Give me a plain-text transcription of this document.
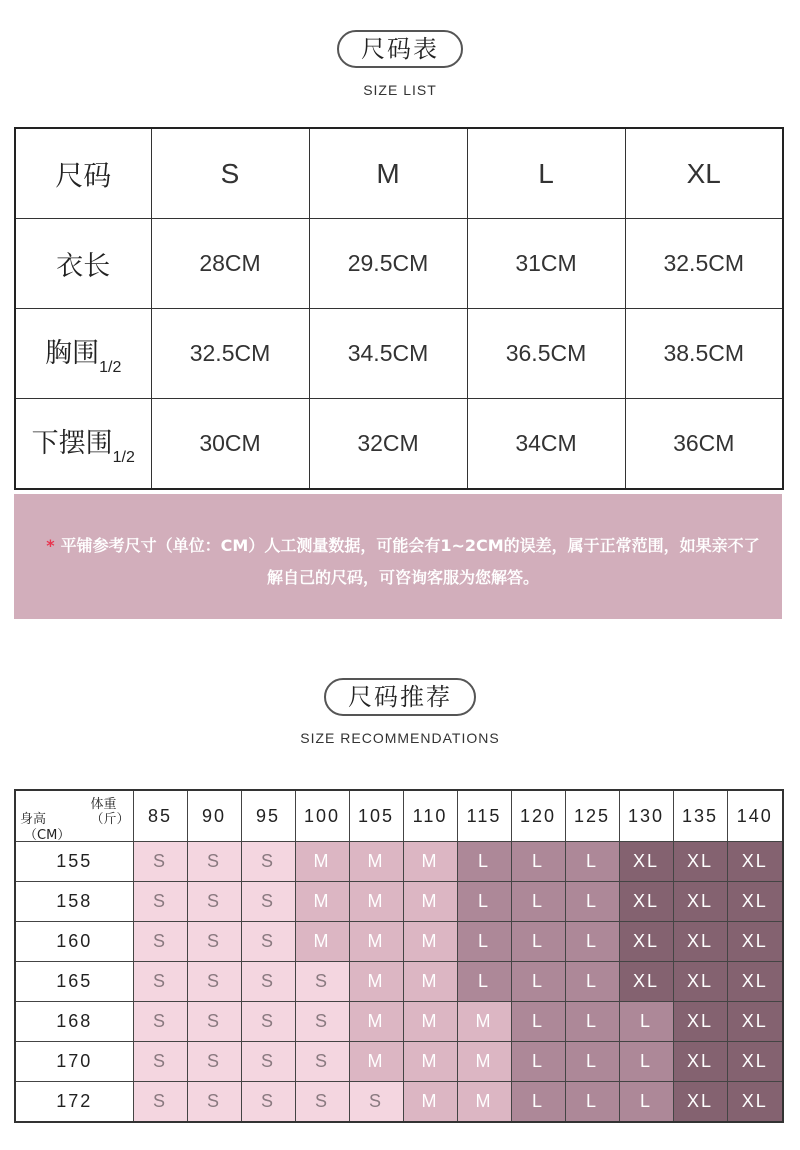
尺码表
SIZE LIST
尺码	S	M	L	XL
衣长	28CM	29.5CM	31CM	32.5CM
胸围$_{1/2}$	32.5CM	34.5CM	36.5CM	38.5CM
下摆围$_{1/2}$	30CM	32CM	34CM	36CM
* 平铺参考尺寸（单位：CM）人工测量数据，可能会有1~2CM的误差，属于正常范围，如果亲不了解自己的尺码，可咨询客服为您解答。
尺码推荐
SIZE RECOMMENDATIONS
体重
（斤）
身高
（CM）	85	90	95	100	105	110	115	120	125	130	135	140
155	S	S	S	M	M	M	L	L	L	XL	XL	XL
158	S	S	S	M	M	M	L	L	L	XL	XL	XL
160	S	S	S	M	M	M	L	L	L	XL	XL	XL
165	S	S	S	S	M	M	L	L	L	XL	XL	XL
168	S	S	S	S	M	M	M	L	L	L	XL	XL
170	S	S	S	S	M	M	M	L	L	L	XL	XL
172	S	S	S	S	S	M	M	L	L	L	XL	XL
